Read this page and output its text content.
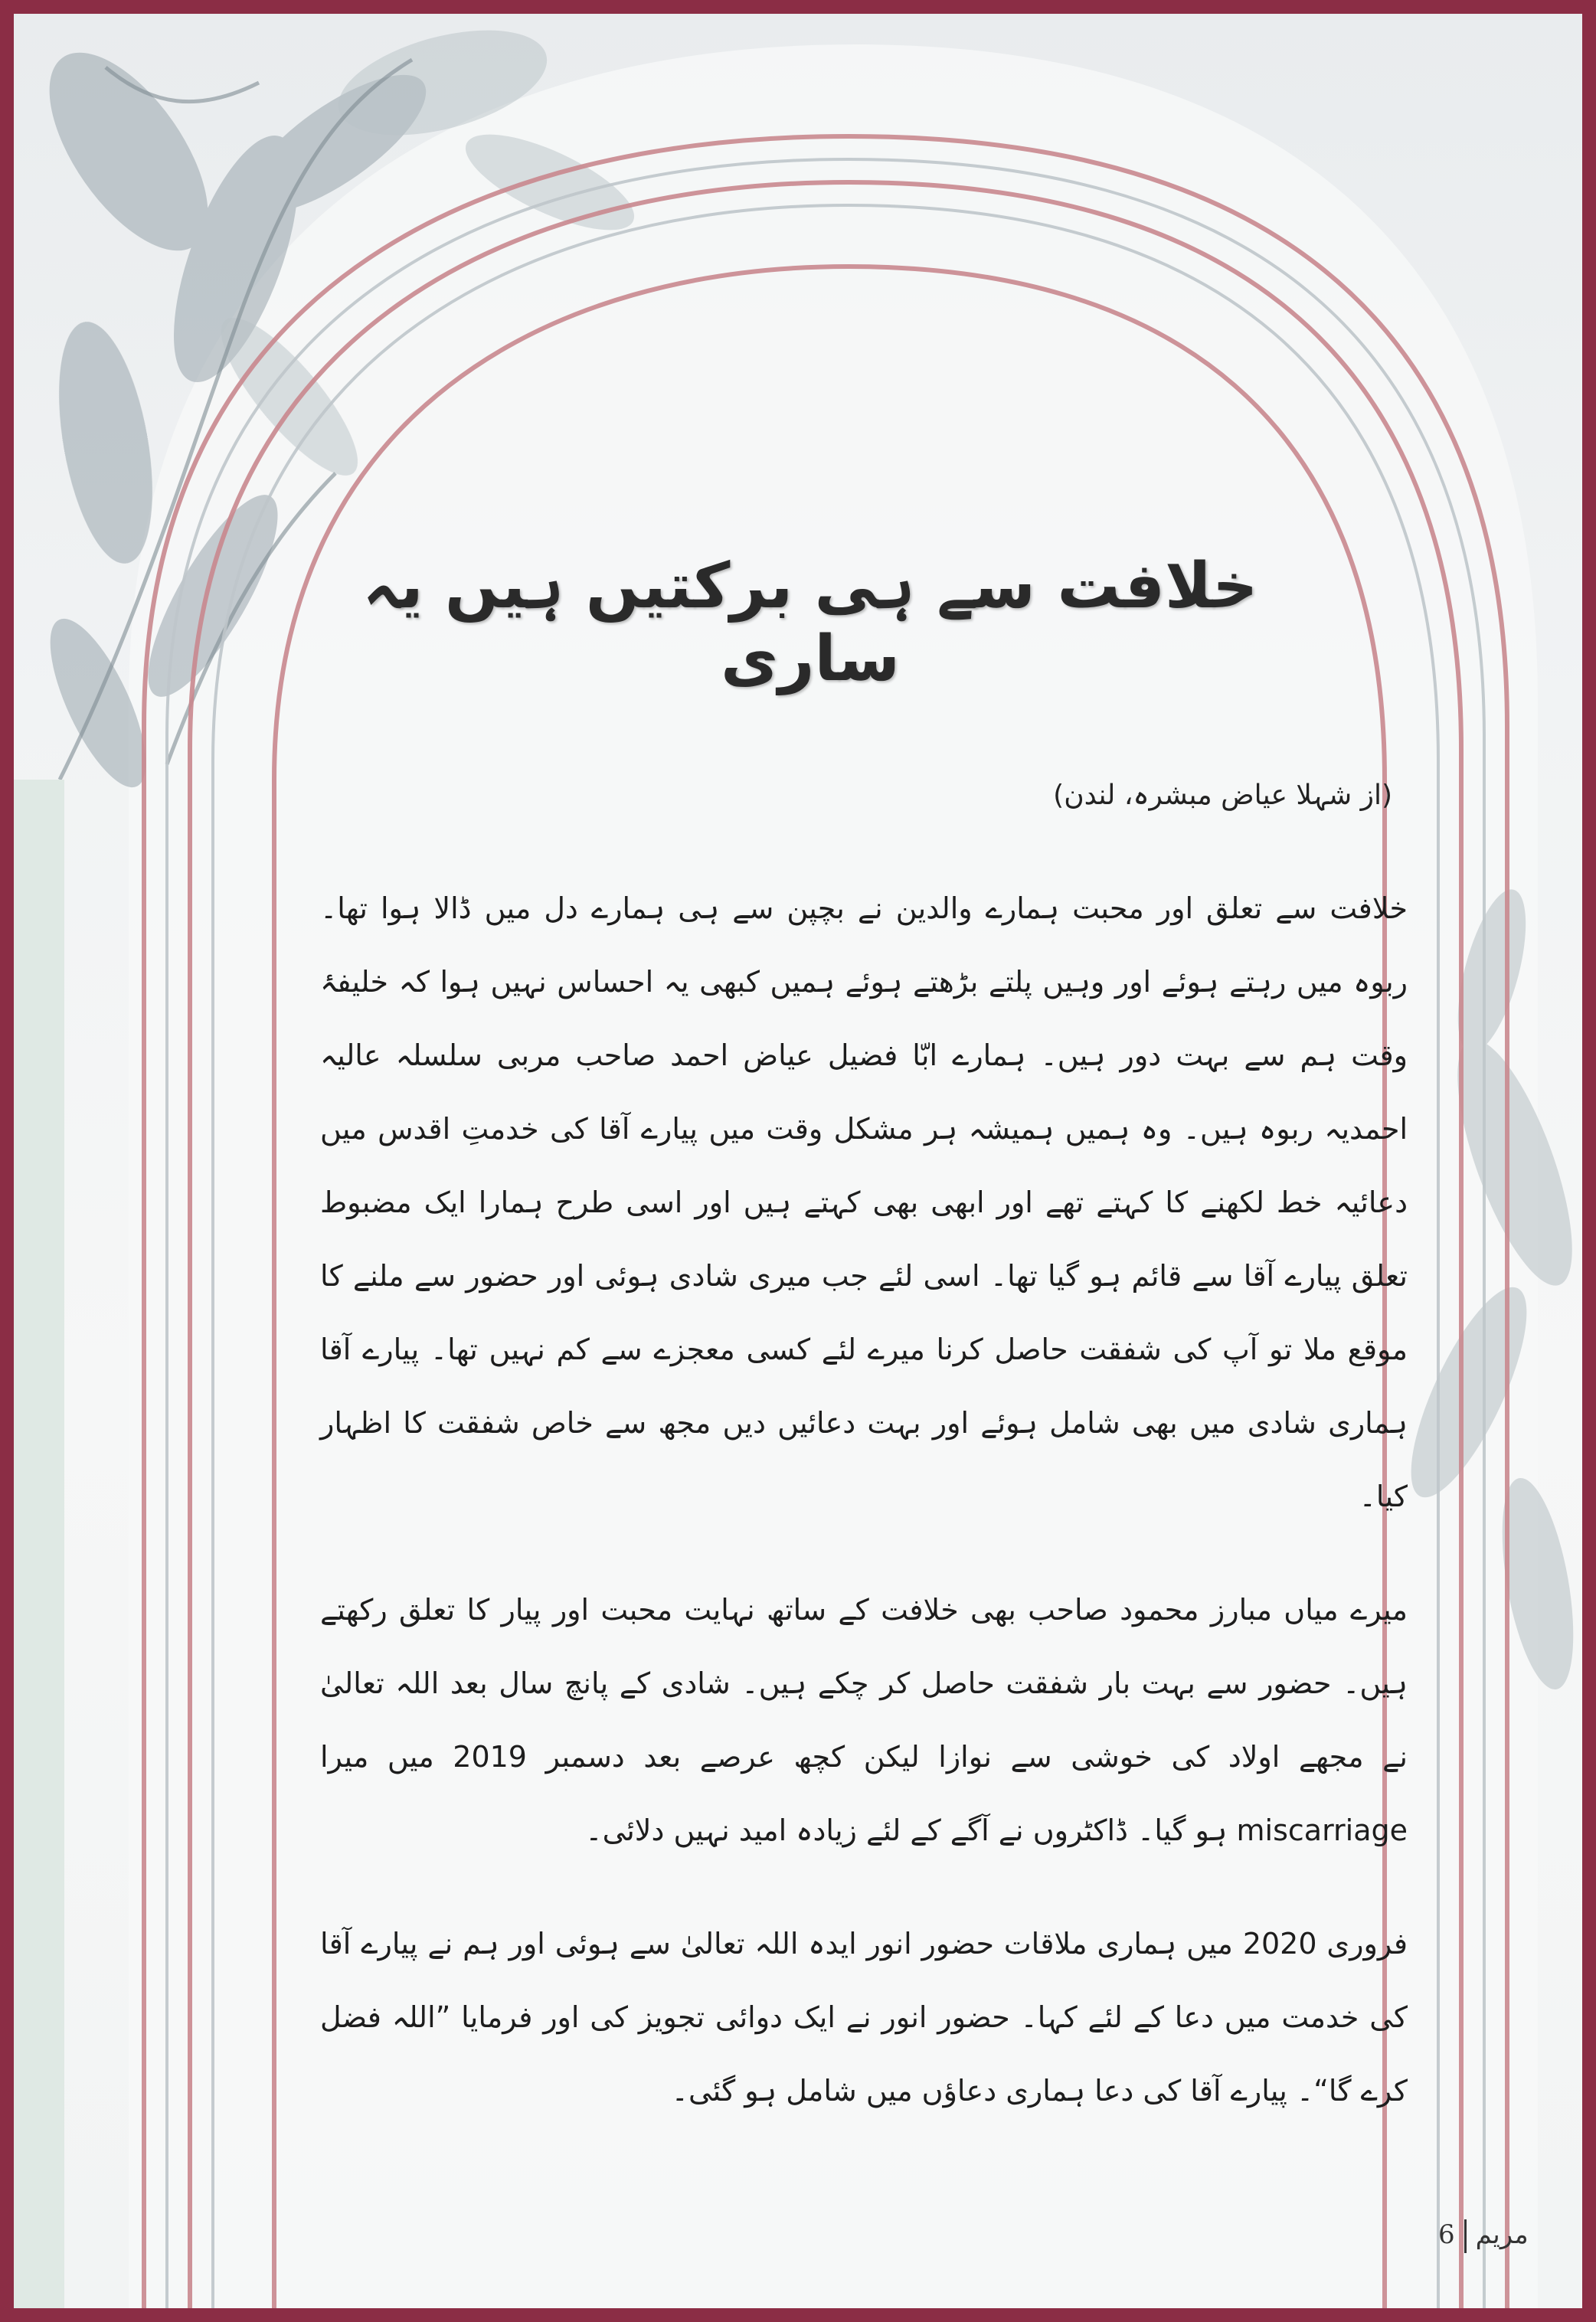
خلافت سے ہی برکتیں ہیں یہ ساری
(از شہلا عیاض مبشرہ، لندن)

خلافت سے تعلق اور محبت ہمارے والدین نے بچپن سے ہی ہمارے دل میں ڈالا ہوا تھا۔ ربوہ میں رہتے ہوئے اور وہیں پلتے بڑھتے ہوئے ہمیں کبھی یہ احساس نہیں ہوا کہ خلیفۂ وقت ہم سے بہت دور ہیں۔ ہمارے ابّا فضیل عیاض احمد صاحب مربی سلسلہ عالیہ احمدیہ ربوہ ہیں۔ وہ ہمیں ہمیشہ ہر مشکل وقت میں پیارے آقا کی خدمتِ اقدس میں دعائیہ خط لکھنے کا کہتے تھے اور ابھی بھی کہتے ہیں اور اسی طرح ہمارا ایک مضبوط تعلق پیارے آقا سے قائم ہو گیا تھا۔ اسی لئے جب میری شادی ہوئی اور حضور سے ملنے کا موقع ملا تو آپ کی شفقت حاصل کرنا میرے لئے کسی معجزے سے کم نہیں تھا۔ پیارے آقا ہماری شادی میں بھی شامل ہوئے اور بہت دعائیں دیں مجھ سے خاص شفقت کا اظہار کیا۔

میرے میاں مبارز محمود صاحب بھی خلافت کے ساتھ نہایت محبت اور پیار کا تعلق رکھتے ہیں۔ حضور سے بہت بار شفقت حاصل کر چکے ہیں۔ شادی کے پانچ سال بعد اللہ تعالیٰ نے مجھے اولاد کی خوشی سے نوازا لیکن کچھ عرصے بعد دسمبر 2019 میں میرا miscarriage ہو گیا۔ ڈاکٹروں نے آگے کے لئے زیادہ امید نہیں دلائی۔

فروری 2020 میں ہماری ملاقات حضور انور ایدہ اللہ تعالیٰ سے ہوئی اور ہم نے پیارے آقا کی خدمت میں دعا کے لئے کہا۔ حضور انور نے ایک دوائی تجویز کی اور فرمایا ”اللہ فضل کرے گا“۔ پیارے آقا کی دعا ہماری دعاؤں میں شامل ہو گئی۔

6 مریم
